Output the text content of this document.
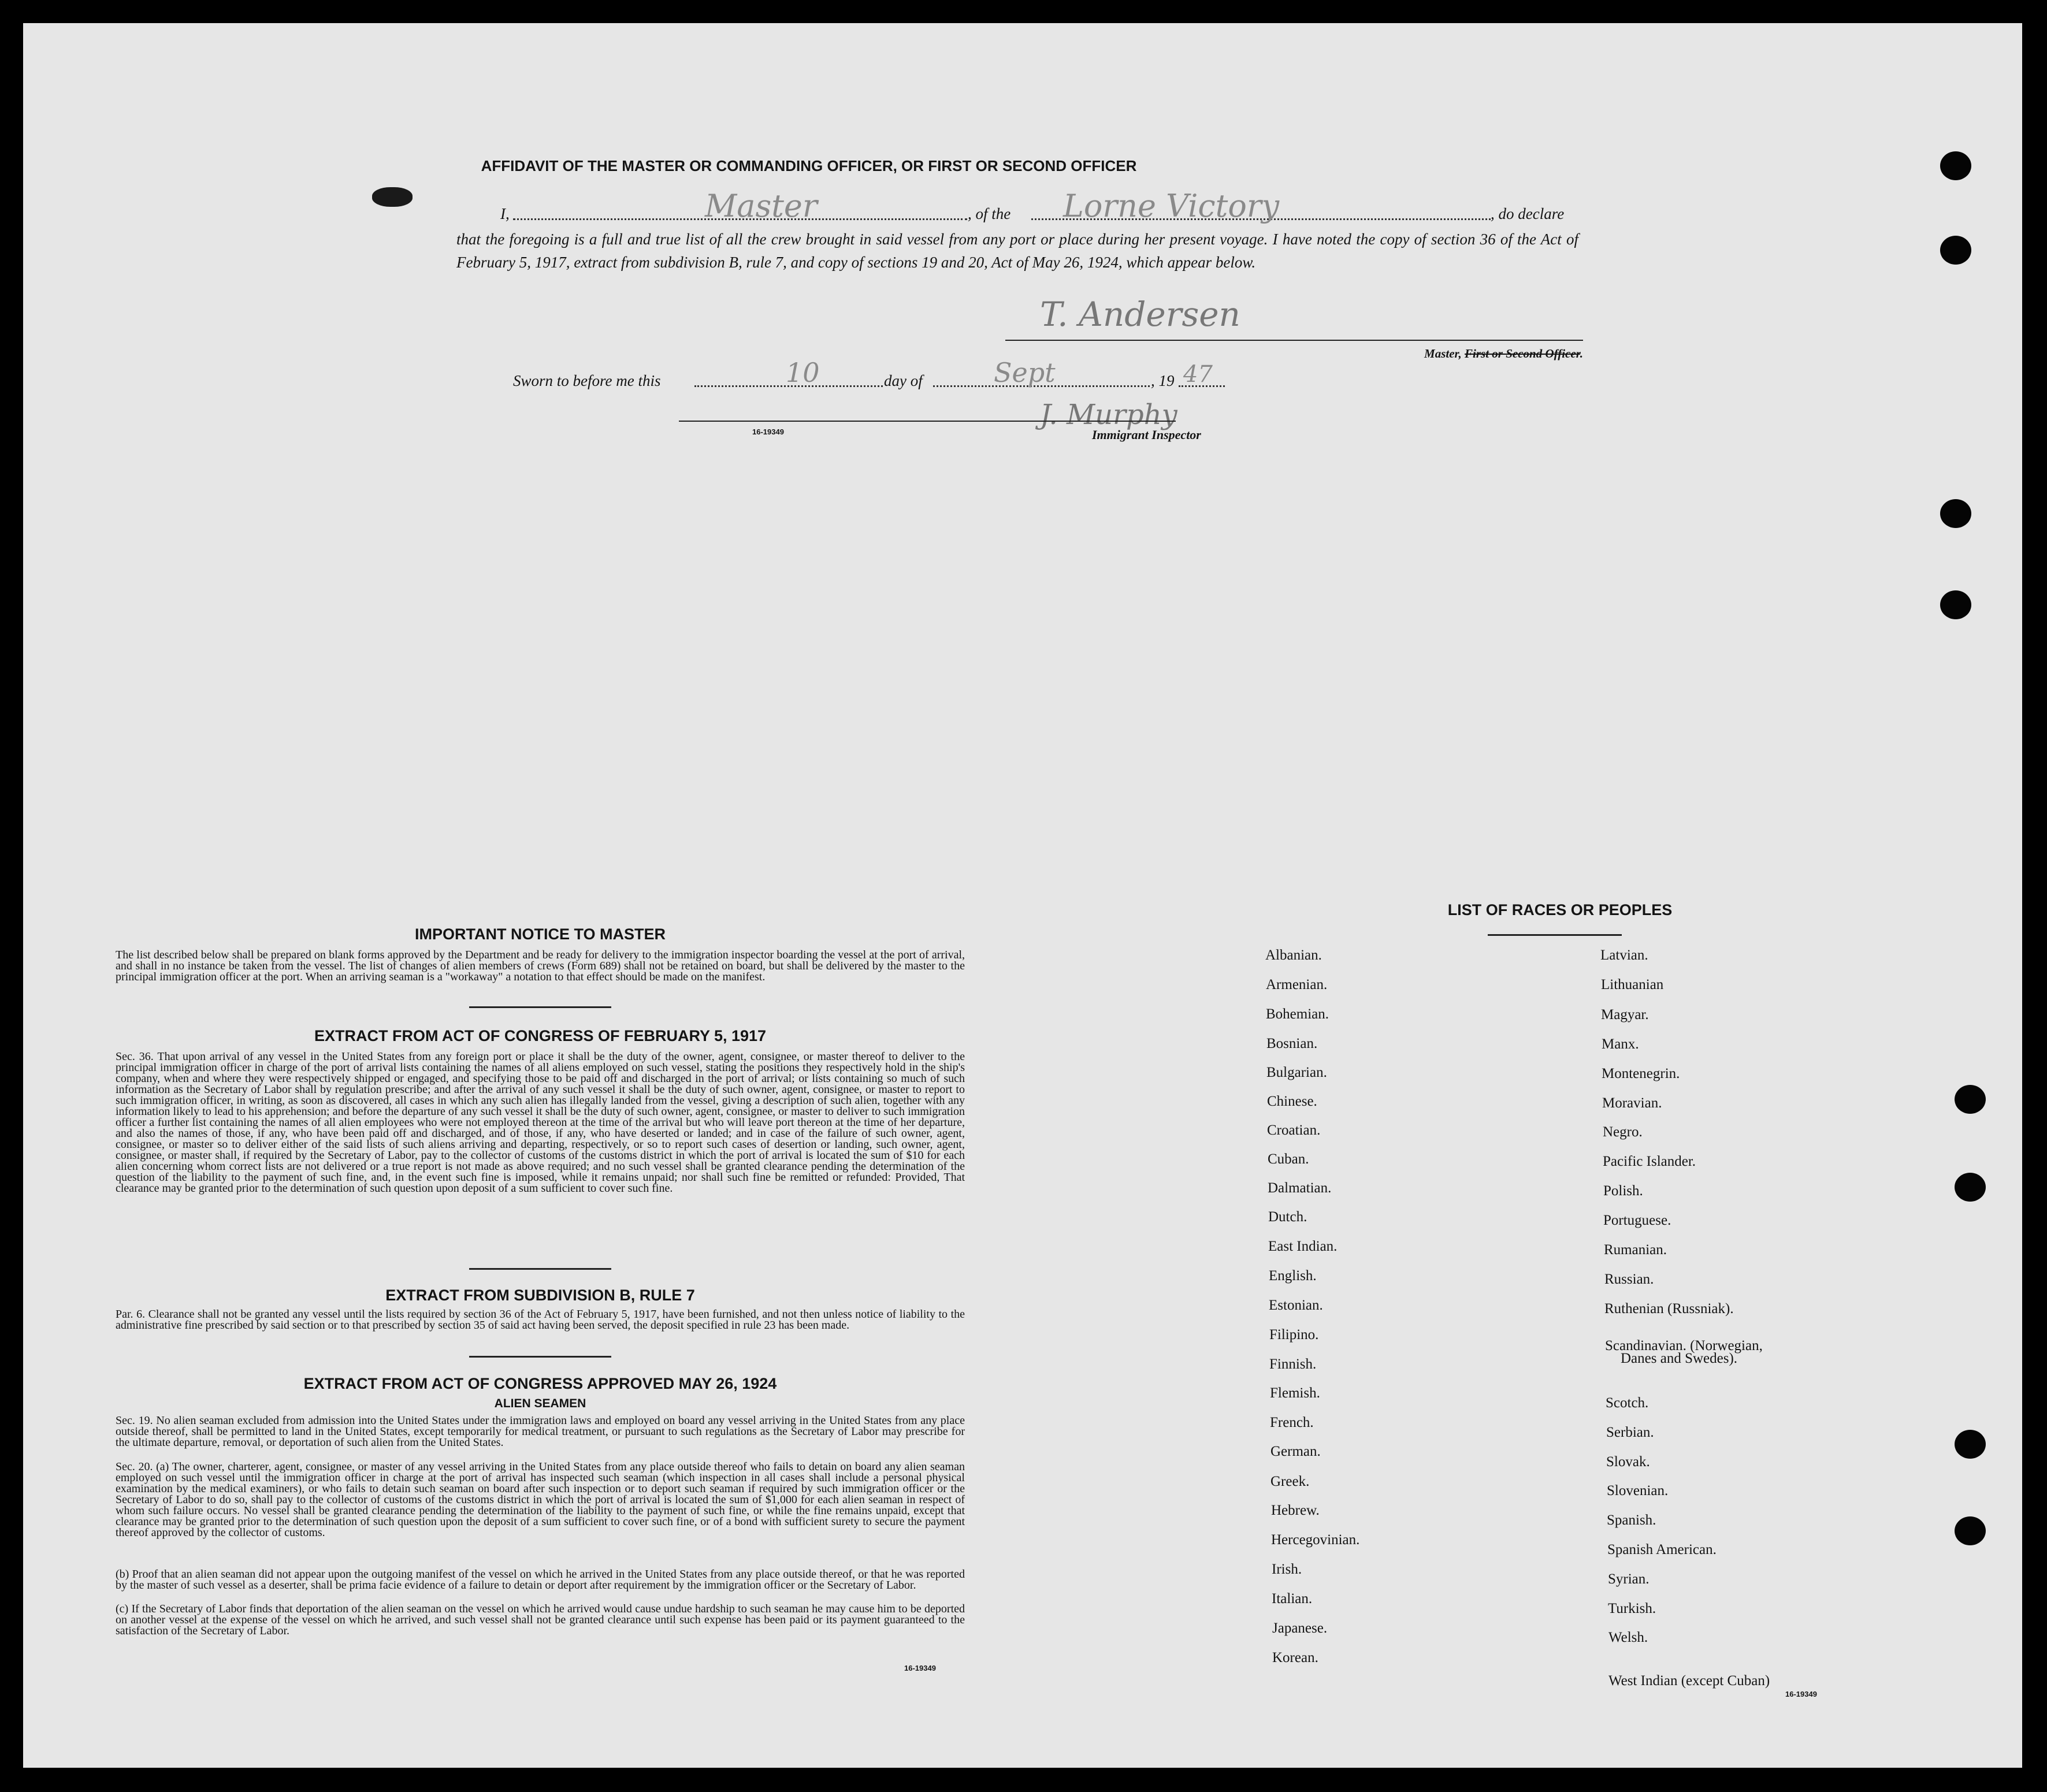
AFFIDAVIT OF THE MASTER OR COMMANDING OFFICER, OR FIRST OR SECOND OFFICER
I,	Master	, of the Lorne Victory	, do declare
that the foregoing is a full and true list of all the crew brought in said vessel from any port or place during her present voyage. I have noted the copy of section 36 of the Act of February 5, 1917, extract from subdivision B, rule 7, and copy of sections 19 and 20, Act of May 26, 1924, which appear below.
T. Andersen
Master, First or Second Officer.
Sworn to before me this	10	day of	Sept	, 19 47
J. Murphy
16-19349	Immigrant Inspector
IMPORTANT NOTICE TO MASTER
The list described below shall be prepared on blank forms approved by the Department and be ready for delivery to the immigration inspector boarding the vessel at the port of arrival, and shall in no instance be taken from the vessel. The list of changes of alien members of crews (Form 689) shall not be retained on board, but shall be delivered by the master to the principal immigration officer at the port. When an arriving seaman is a "workaway" a notation to that effect should be made on the manifest.
EXTRACT FROM ACT OF CONGRESS OF FEBRUARY 5, 1917
Sec. 36. That upon arrival of any vessel in the United States from any foreign port or place it shall be the duty of the owner, agent, consignee, or master thereof to deliver to the principal immigration officer in charge of the port of arrival lists containing the names of all aliens employed on such vessel, stating the positions they respectively hold in the ship's company, when and where they were respectively shipped or engaged, and specifying those to be paid off and discharged in the port of arrival; or lists containing so much of such information as the Secretary of Labor shall by regulation prescribe; and after the arrival of any such vessel it shall be the duty of such owner, agent, consignee, or master to report to such immigration officer, in writing, as soon as discovered, all cases in which any such alien has illegally landed from the vessel, giving a description of such alien, together with any information likely to lead to his apprehension; and before the departure of any such vessel it shall be the duty of such owner, agent, consignee, or master to deliver to such immigration officer a further list containing the names of all alien employees who were not employed thereon at the time of the arrival but who will leave port thereon at the time of her departure, and also the names of those, if any, who have been paid off and discharged, and of those, if any, who have deserted or landed; and in case of the failure of such owner, agent, consignee, or master so to deliver either of the said lists of such aliens arriving and departing, respectively, or so to report such cases of desertion or landing, such owner, agent, consignee, or master shall, if required by the Secretary of Labor, pay to the collector of customs of the customs district in which the port of arrival is located the sum of $10 for each alien concerning whom correct lists are not delivered or a true report is not made as above required; and no such vessel shall be granted clearance pending the determination of the question of the liability to the payment of such fine, and, in the event such fine is imposed, while it remains unpaid; nor shall such fine be remitted or refunded: Provided, That clearance may be granted prior to the determination of such question upon deposit of a sum sufficient to cover such fine.
EXTRACT FROM SUBDIVISION B, RULE 7
Par. 6. Clearance shall not be granted any vessel until the lists required by section 36 of the Act of February 5, 1917, have been furnished, and not then unless notice of liability to the administrative fine prescribed by said section or to that prescribed by section 35 of said act having been served, the deposit specified in rule 23 has been made.
EXTRACT FROM ACT OF CONGRESS APPROVED MAY 26, 1924
ALIEN SEAMEN
Sec. 19. No alien seaman excluded from admission into the United States under the immigration laws and employed on board any vessel arriving in the United States from any place outside thereof, shall be permitted to land in the United States, except temporarily for medical treatment, or pursuant to such regulations as the Secretary of Labor may prescribe for the ultimate departure, removal, or deportation of such alien from the United States.
Sec. 20. (a) The owner, charterer, agent, consignee, or master of any vessel arriving in the United States from any place outside thereof who fails to detain on board any alien seaman employed on such vessel until the immigration officer in charge at the port of arrival has inspected such seaman (which inspection in all cases shall include a personal physical examination by the medical examiners), or who fails to detain such seaman on board after such inspection or to deport such seaman if required by such immigration officer or the Secretary of Labor to do so, shall pay to the collector of customs of the customs district in which the port of arrival is located the sum of $1,000 for each alien seaman in respect of whom such failure occurs. No vessel shall be granted clearance pending the determination of the liability to the payment of such fine, or while the fine remains unpaid, except that clearance may be granted prior to the determination of such question upon the deposit of a sum sufficient to cover such fine, or of a bond with sufficient surety to secure the payment thereof approved by the collector of customs.
(b) Proof that an alien seaman did not appear upon the outgoing manifest of the vessel on which he arrived in the United States from any place outside thereof, or that he was reported by the master of such vessel as a deserter, shall be prima facie evidence of a failure to detain or deport after requirement by the immigration officer or the Secretary of Labor.
(c) If the Secretary of Labor finds that deportation of the alien seaman on the vessel on which he arrived would cause undue hardship to such seaman he may cause him to be deported on another vessel at the expense of the vessel on which he arrived, and such vessel shall not be granted clearance until such expense has been paid or its payment guaranteed to the satisfaction of the Secretary of Labor.
16-19349
LIST OF RACES OR PEOPLES
Albanian.
Armenian.
Bohemian.
Bosnian.
Bulgarian.
Chinese.
Croatian.
Cuban.
Dalmatian.
Dutch.
East Indian.
English.
Estonian.
Filipino.
Finnish.
Flemish.
French.
German.
Greek.
Hebrew.
Hercegovinian.
Irish.
Italian.
Japanese.
Korean.
Latvian.
Lithuanian
Magyar.
Manx.
Montenegrin.
Moravian.
Negro.
Pacific Islander.
Polish.
Portuguese.
Rumanian.
Russian.
Ruthenian (Russniak).
Scandinavian. (Norwegian,
Danes and Swedes).
Scotch.
Serbian.
Slovak.
Slovenian.
Spanish.
Spanish American.
Syrian.
Turkish.
Welsh.
West Indian (except Cuban)
16-19349
